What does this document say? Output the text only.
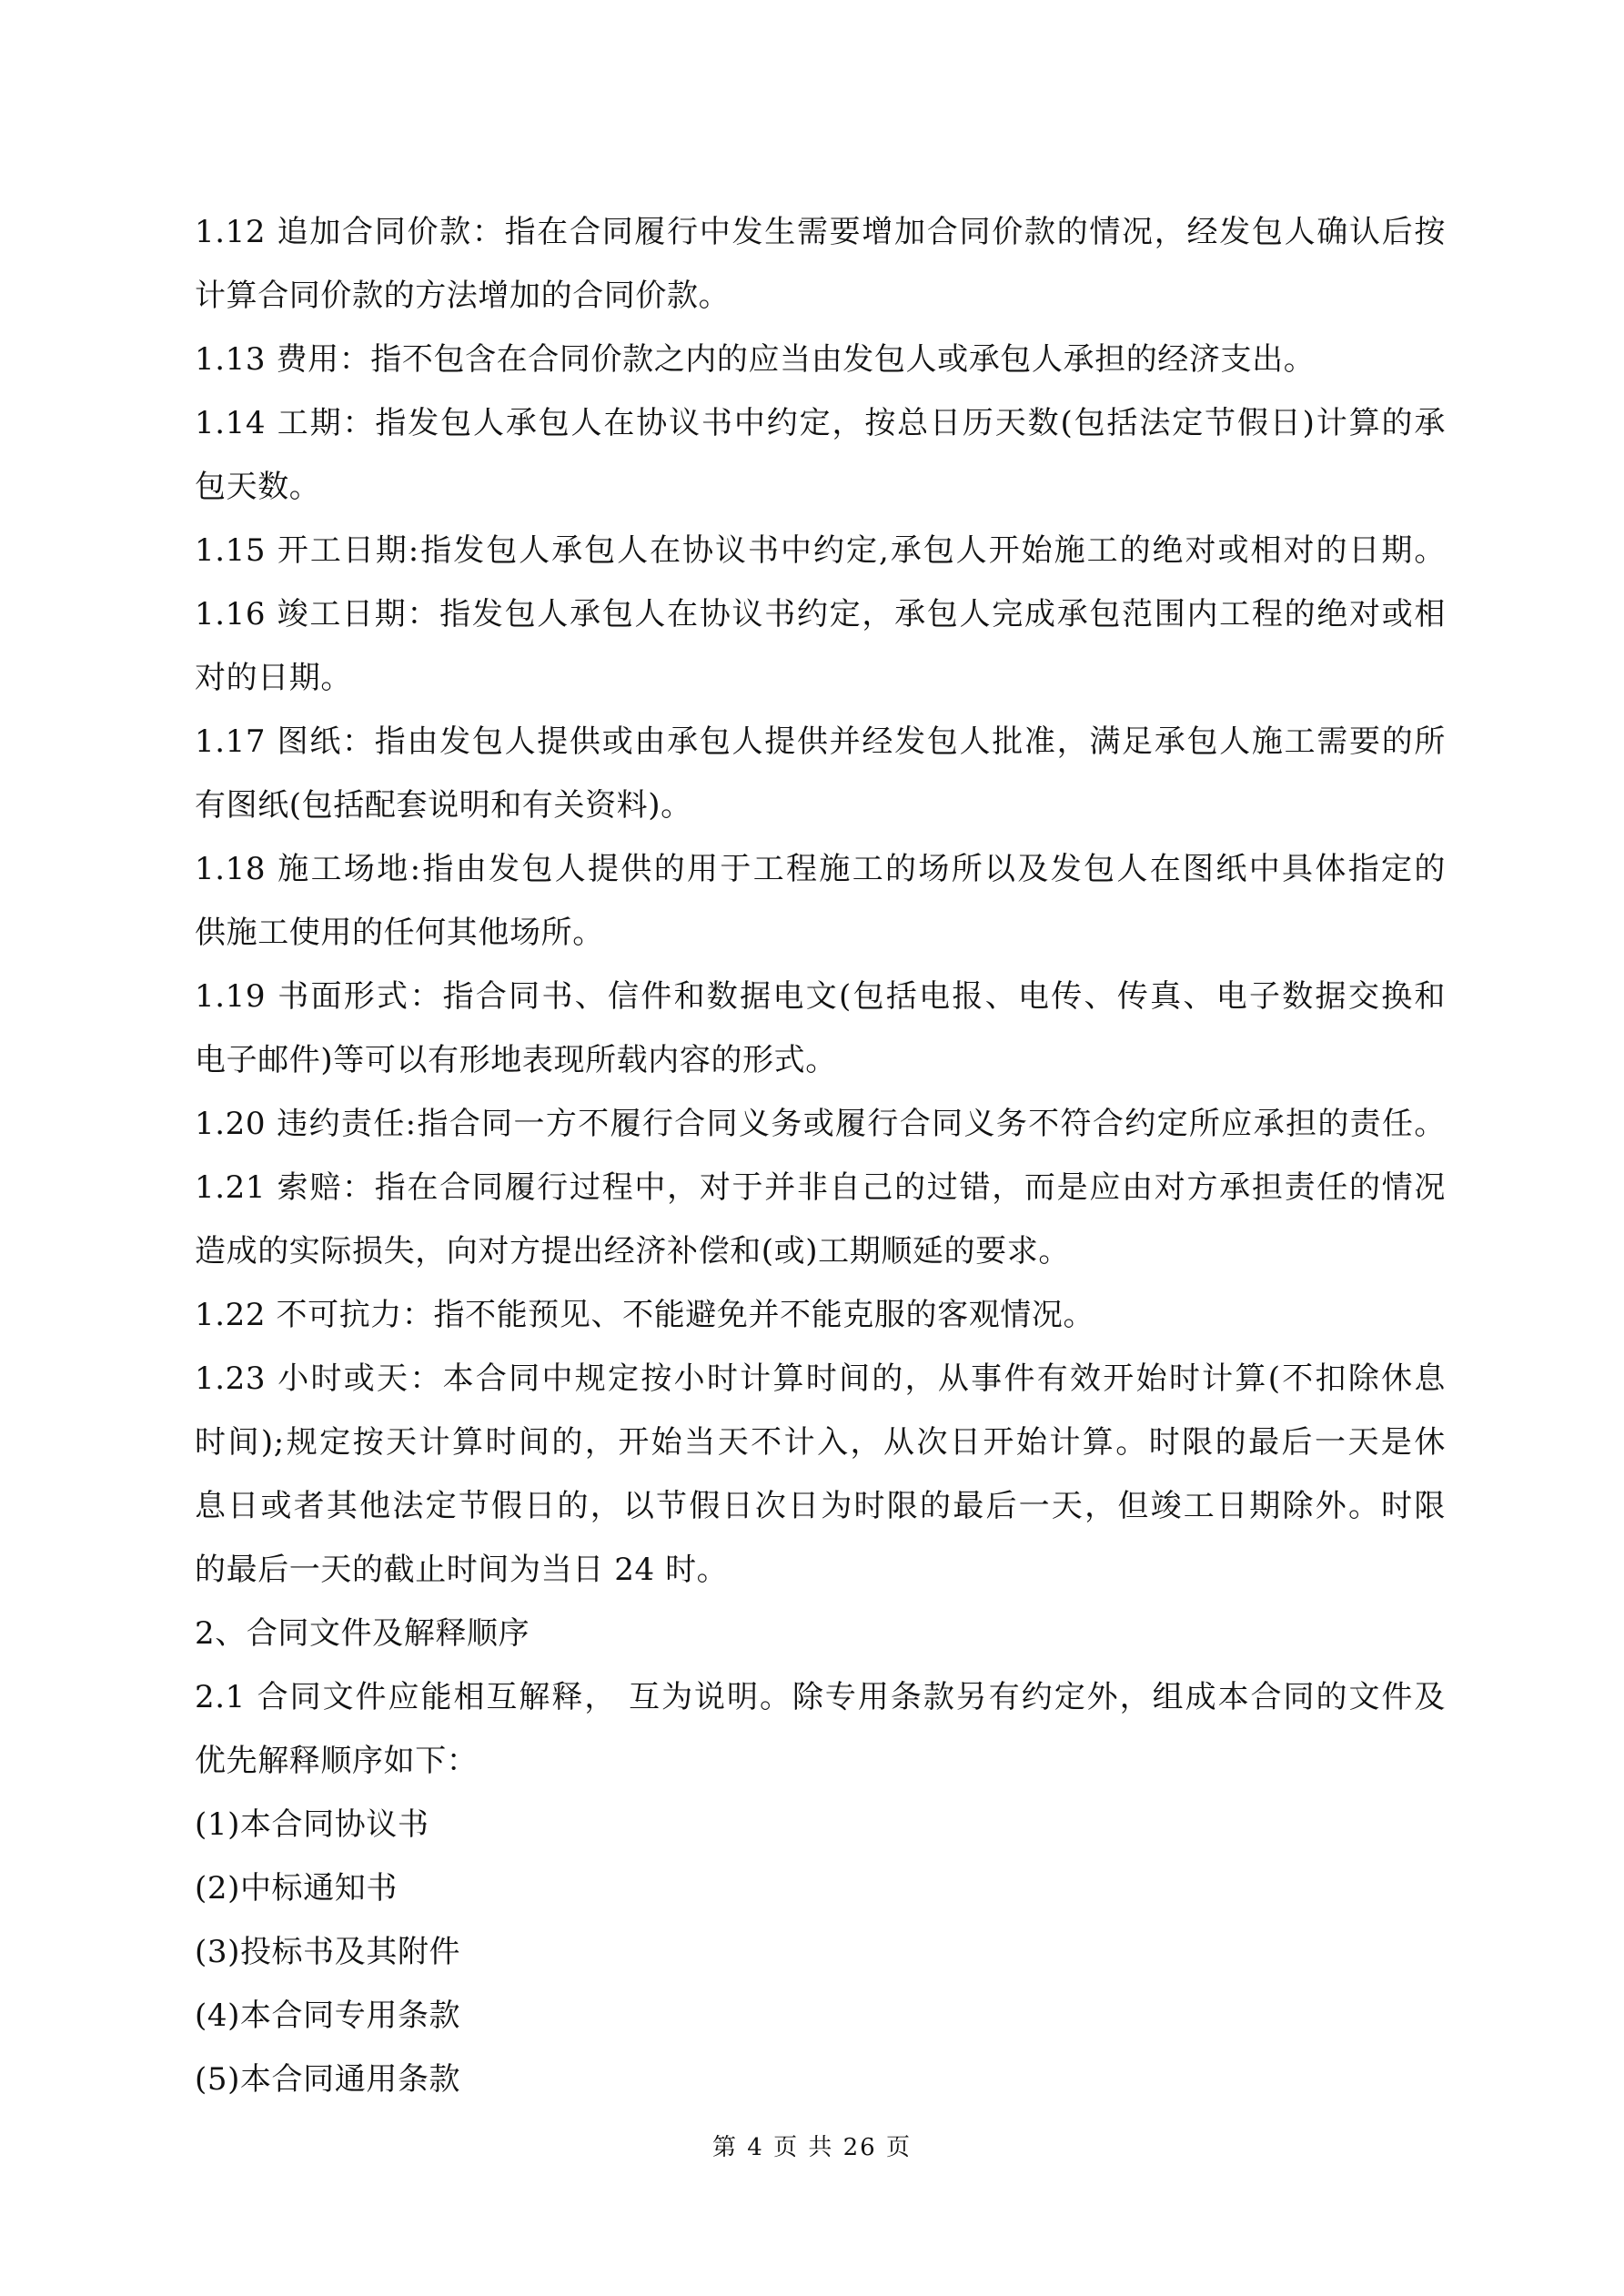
1.12 追加合同价款：指在合同履行中发生需要增加合同价款的情况，经发包人确认后按
计算合同价款的方法增加的合同价款。
1.13 费用：指不包含在合同价款之内的应当由发包人或承包人承担的经济支出。
1.14 工期：指发包人承包人在协议书中约定，按总日历天数(包括法定节假日)计算的承
包天数。
1.15 开工日期:指发包人承包人在协议书中约定,承包人开始施工的绝对或相对的日期。
1.16 竣工日期：指发包人承包人在协议书约定，承包人完成承包范围内工程的绝对或相
对的日期。
1.17 图纸：指由发包人提供或由承包人提供并经发包人批准，满足承包人施工需要的所
有图纸(包括配套说明和有关资料)。
1.18 施工场地:指由发包人提供的用于工程施工的场所以及发包人在图纸中具体指定的
供施工使用的任何其他场所。
1.19 书面形式：指合同书、信件和数据电文(包括电报、电传、传真、电子数据交换和
电子邮件)等可以有形地表现所载内容的形式。
1.20 违约责任:指合同一方不履行合同义务或履行合同义务不符合约定所应承担的责任。
1.21 索赔：指在合同履行过程中，对于并非自己的过错，而是应由对方承担责任的情况
造成的实际损失，向对方提出经济补偿和(或)工期顺延的要求。
1.22 不可抗力：指不能预见、不能避免并不能克服的客观情况。
1.23 小时或天：本合同中规定按小时计算时间的，从事件有效开始时计算(不扣除休息
时间);规定按天计算时间的，开始当天不计入，从次日开始计算。时限的最后一天是休
息日或者其他法定节假日的，以节假日次日为时限的最后一天，但竣工日期除外。时限
的最后一天的截止时间为当日 24 时。
2、合同文件及解释顺序
2.1 合同文件应能相互解释， 互为说明。除专用条款另有约定外，组成本合同的文件及
优先解释顺序如下：
(1)本合同协议书
(2)中标通知书
(3)投标书及其附件
(4)本合同专用条款
(5)本合同通用条款
第 4 页 共 26 页
